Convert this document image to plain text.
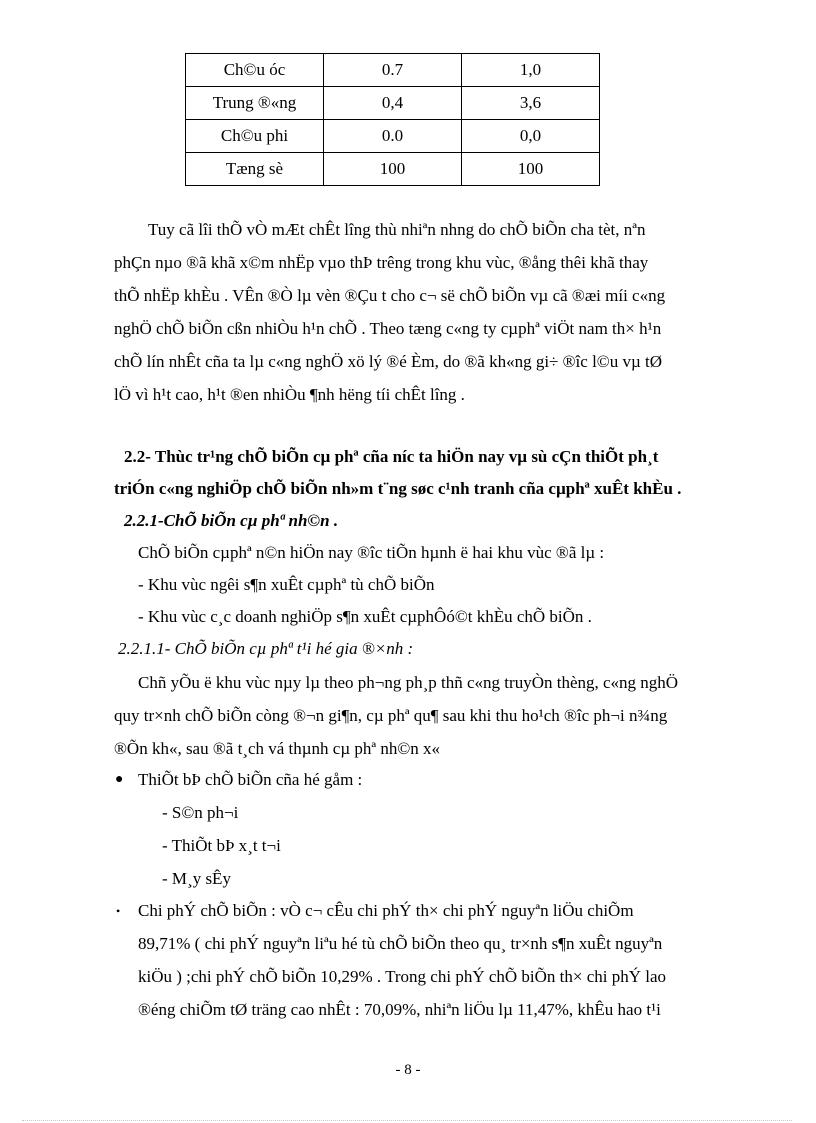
Ch©u óc	0.7	1,0
Trung ®«ng	0,4	3,6
Ch©u phi	0.0	0,0
Tæng sè	100	100
Tuy cã lîi thÕ vÒ mÆt chÊt lîng thù nhiªn nhng do chÕ biÕn cha tèt, nªn
phÇn nµo ®ã khã x©m nhËp vµo thÞ trêng trong khu vùc, ®ång thêi khã thay
thÕ nhËp khÈu . VÊn ®Ò lµ vèn ®Çu t cho c¬ së chÕ biÕn vµ cã ®æi míi c«ng
nghÖ chÕ biÕn cßn nhiÒu h¹n chÕ . Theo tæng c«ng ty cµphª viÖt nam th× h¹n
chÕ lín nhÊt cña ta lµ c«ng nghÖ xö lý ®é Èm, do ®ã kh«ng gi÷ ®îc l©u vµ tØ
lÖ vì h¹t cao, h¹t ®en nhiÒu ¶nh hëng tíi chÊt lîng .
2.2- Thùc tr¹ng chÕ biÕn cµ phª cña níc ta hiÖn nay vµ sù cÇn thiÕt ph¸t
triÓn c«ng nghiÖp chÕ biÕn nh»m t¨ng søc c¹nh tranh cña cµphª xuÊt khÈu .
2.2.1-ChÕ biÕn cµ phª nh©n .
ChÕ biÕn cµphª n©n hiÖn nay ®îc tiÕn hµnh ë hai khu vùc ®ã lµ :
- Khu vùc ngêi s¶n xuÊt cµphª tù chÕ biÕn
- Khu vùc c¸c doanh nghiÖp s¶n xuÊt cµphÔó©t khÈu chÕ biÕn .
2.2.1.1- ChÕ biÕn cµ phª t¹i hé gia ®×nh :
Chñ yÕu ë khu vùc nµy lµ theo ph¬ng ph¸p thñ c«ng truyÒn thèng, c«ng nghÖ
quy tr×nh chÕ biÕn còng ®¬n gi¶n, cµ phª qu¶ sau khi thu ho¹ch ®îc ph¬i n¾ng
®Õn kh«, sau ®ã t¸ch vá thµnh cµ phª nh©n x«
● ThiÕt bÞ chÕ biÕn cña hé gåm :
- S©n ph¬i
- ThiÕt bÞ x¸t t¬i
- M¸y sÊy
• Chi phÝ chÕ biÕn : vÒ c¬ cÊu chi phÝ th× chi phÝ nguyªn liÖu chiÕm
89,71% ( chi phÝ nguyªn liªu hé tù chÕ biÕn theo qu¸ tr×nh s¶n xuÊt nguyªn
kiÖu ) ;chi phÝ chÕ biÕn 10,29% . Trong chi phÝ chÕ biÕn th× chi phÝ lao
®éng chiÕm tØ träng cao nhÊt : 70,09%, nhiªn liÖu lµ 11,47%, khÊu hao t¹i
- 8 -
